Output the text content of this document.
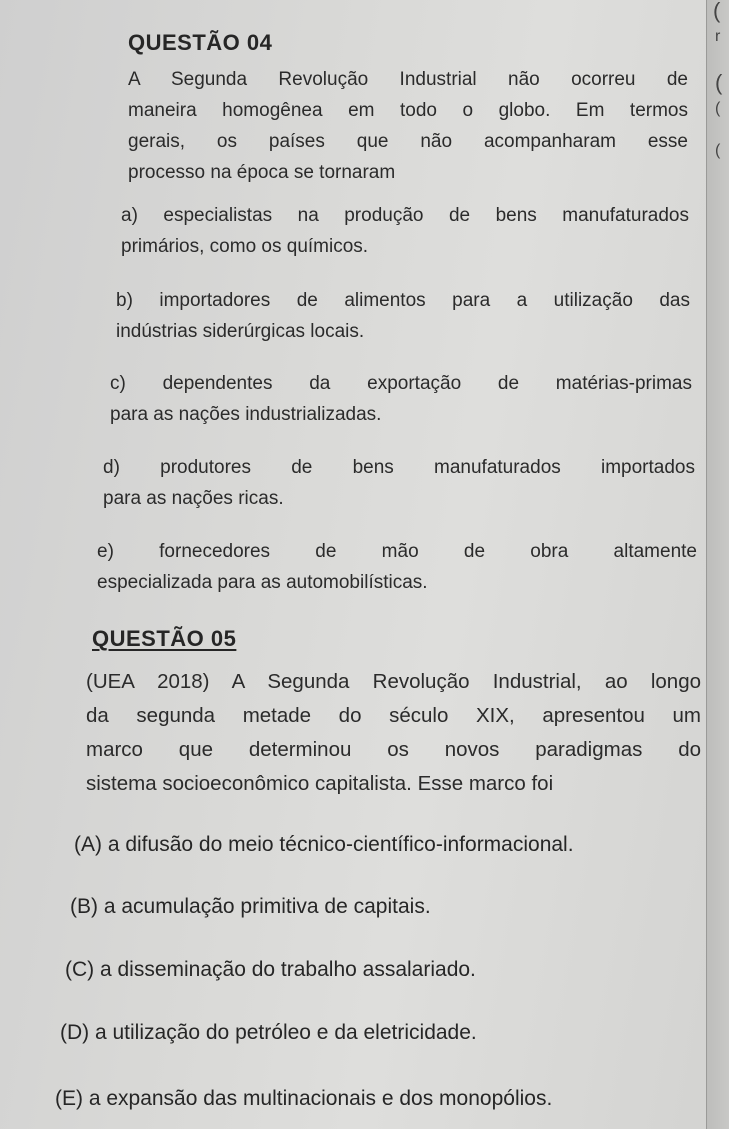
(
r
(
(
(
QUESTÃO 04
A Segunda Revolução Industrial não ocorreu de
maneira homogênea em todo o globo. Em termos
gerais, os países que não acompanharam esse
processo na época se tornaram
a) especialistas na produção de bens manufaturados
primários, como os químicos.
b) importadores de alimentos para a utilização das
indústrias siderúrgicas locais.
c) dependentes da exportação de matérias-primas
para as nações industrializadas.
d) produtores de bens manufaturados importados
para as nações ricas.
e) fornecedores de mão de obra altamente
especializada para as automobilísticas.
QUESTÃO 05
(UEA 2018) A Segunda Revolução Industrial, ao longo
da segunda metade do século XIX, apresentou um
marco que determinou os novos paradigmas do
sistema socioeconômico capitalista. Esse marco foi
(A) a difusão do meio técnico-científico-informacional.
(B) a acumulação primitiva de capitais.
(C) a disseminação do trabalho assalariado.
(D) a utilização do petróleo e da eletricidade.
(E) a expansão das multinacionais e dos monopólios.
